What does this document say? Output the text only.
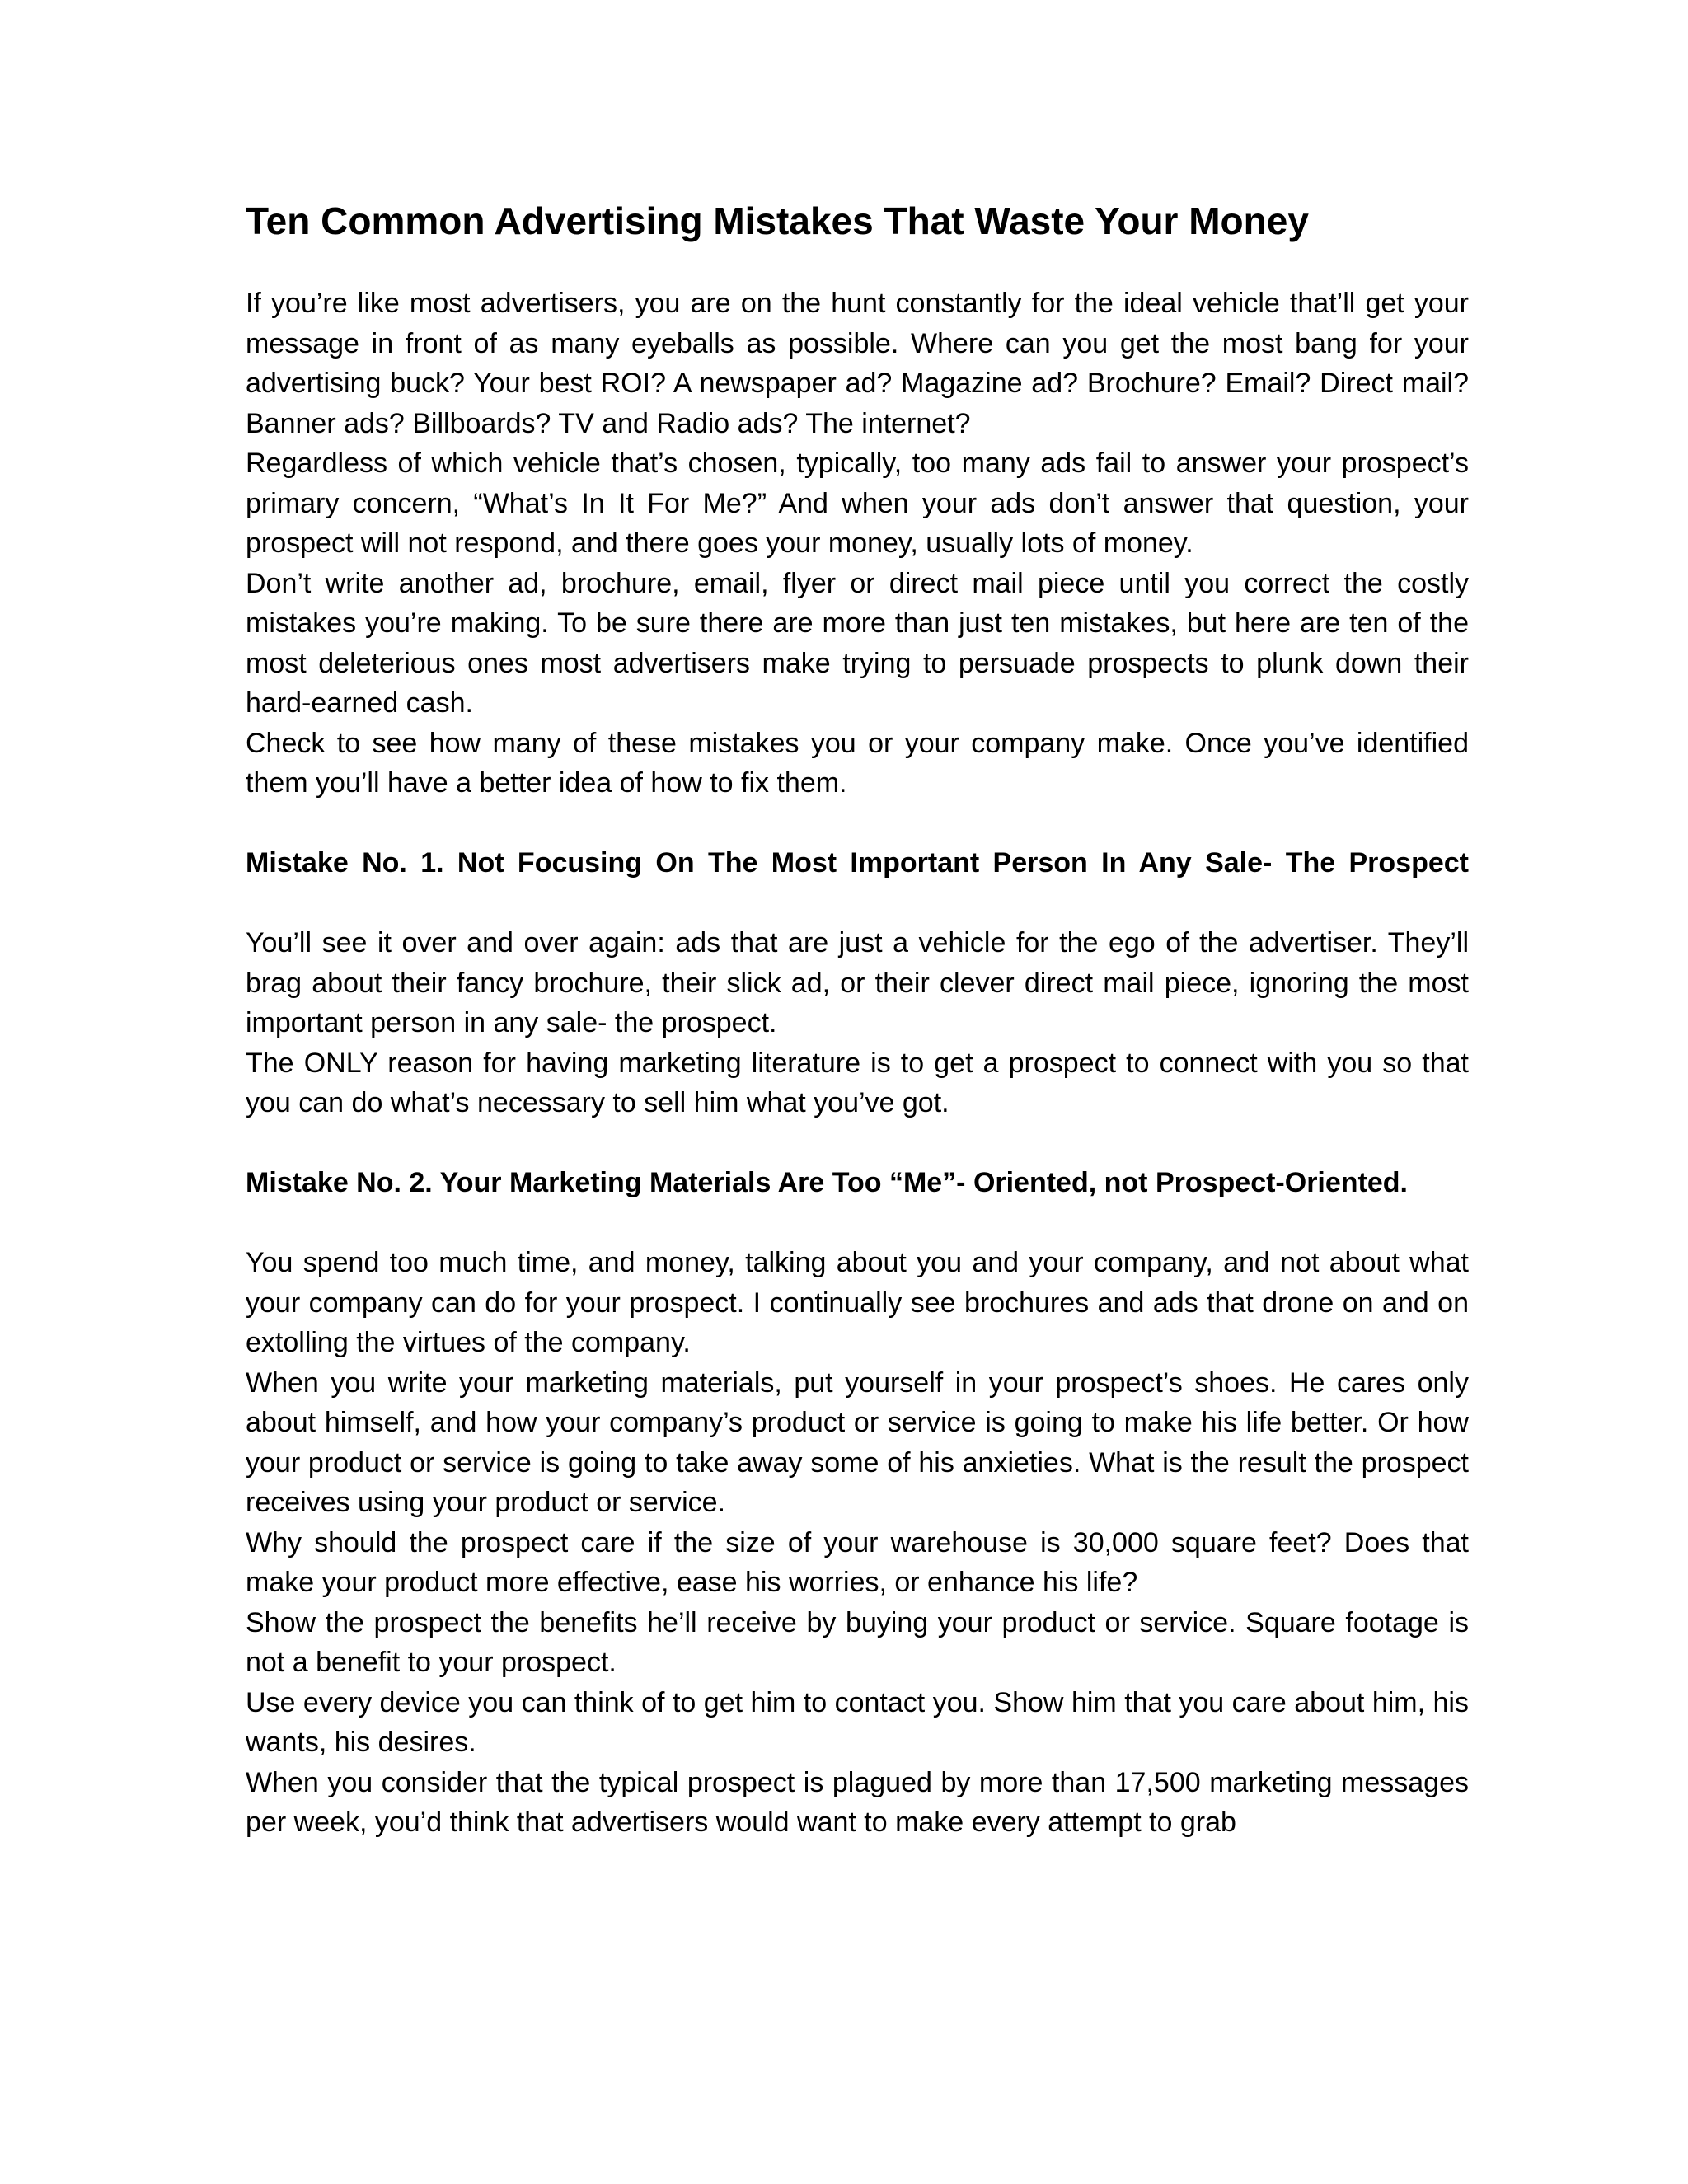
Ten Common Advertising Mistakes That Waste Your Money

If you’re like most advertisers, you are on the hunt constantly for the ideal vehicle that’ll get your message in front of as many eyeballs as possible. Where can you get the most bang for your advertising buck? Your best ROI? A newspaper ad? Magazine ad? Brochure? Email? Direct mail? Banner ads? Billboards? TV and Radio ads? The internet?

Regardless of which vehicle that’s chosen, typically, too many ads fail to answer your prospect’s primary concern, “What’s In It For Me?” And when your ads don’t answer that question, your prospect will not respond, and there goes your money, usually lots of money.

Don’t write another ad, brochure, email, flyer or direct mail piece until you correct the costly mistakes you’re making. To be sure there are more than just ten mistakes, but here are ten of the most deleterious ones most advertisers make trying to persuade prospects to plunk down their hard-earned cash.

Check to see how many of these mistakes you or your company make. Once you’ve identified them you’ll have a better idea of how to fix them.

Mistake No. 1. Not Focusing On The Most Important Person In Any Sale- The Prospect

You’ll see it over and over again: ads that are just a vehicle for the ego of the advertiser. They’ll brag about their fancy brochure, their slick ad, or their clever direct mail piece, ignoring the most important person in any sale- the prospect.

The ONLY reason for having marketing literature is to get a prospect to connect with you so that you can do what’s necessary to sell him what you’ve got.

Mistake No. 2. Your Marketing Materials Are Too “Me”- Oriented, not Prospect-Oriented.

You spend too much time, and money, talking about you and your company, and not about what your company can do for your prospect. I continually see brochures and ads that drone on and on extolling the virtues of the company.

When you write your marketing materials, put yourself in your prospect’s shoes. He cares only about himself, and how your company’s product or service is going to make his life better. Or how your product or service is going to take away some of his anxieties. What is the result the prospect receives using your product or service.

Why should the prospect care if the size of your warehouse is 30,000 square feet? Does that make your product more effective, ease his worries, or enhance his life?

Show the prospect the benefits he’ll receive by buying your product or service. Square footage is not a benefit to your prospect.

Use every device you can think of to get him to contact you. Show him that you care about him, his wants, his desires.

When you consider that the typical prospect is plagued by more than 17,500 marketing messages per week, you’d think that advertisers would want to make every attempt to grab
